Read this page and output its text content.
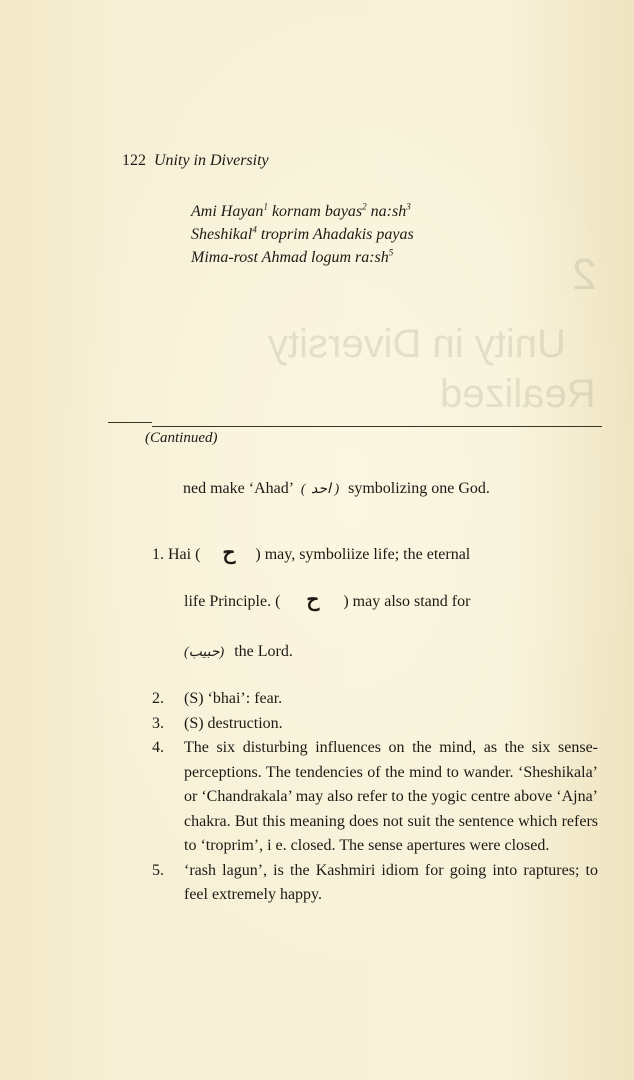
2
Unity in Diversity
Realized
122 Unity in Diversity
Ami Hayan$^1$ kornam bayas$^2$ $na:sh^3$
Sheshikal$^4$ troprim Ahadakis payas
Mima-rost Ahmad logum $ra:sh^5$
(Cantinued)
ned make ‘Ahad’ ( احد ) symbolizing one God.
1. Hai ( ح ) may, symboliize life; the eternal
life Principle. ( ح ) may also stand for
(حبیب) the Lord.
2. (S) ‘bhai’: fear.
3. (S) destruction.
4. The six disturbing influences on the mind, as the six sense-perceptions. The tendencies of the mind to wander. ‘Sheshikala’ or ‘Chandrakala’ may also refer to the yogic centre above ‘Ajna’ chakra. But this meaning does not suit the sentence which refers to ‘troprim’, i e. closed. The sense apertures were closed.
5. ‘rash lagun’, is the Kashmiri idiom for going into raptures; to feel extremely happy.
